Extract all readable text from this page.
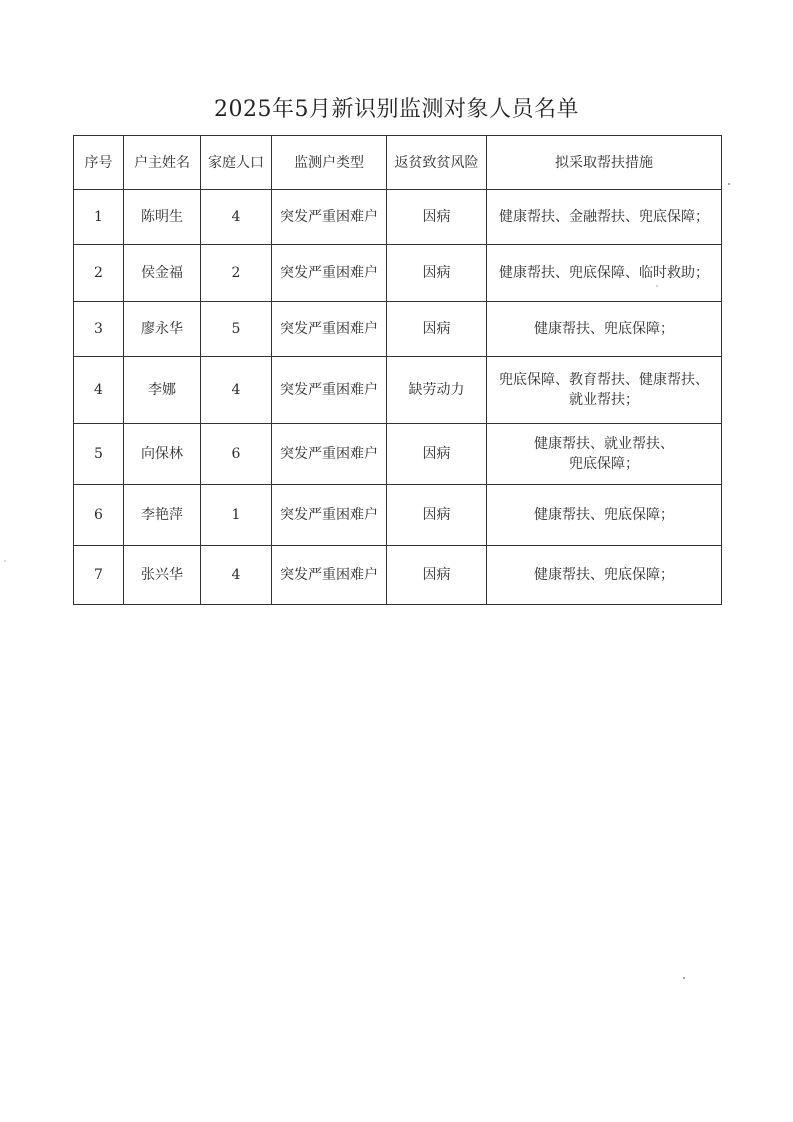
2025年5月新识别监测对象人员名单
序号	户主姓名	家庭人口	监测户类型	返贫致贫风险	拟采取帮扶措施
1	陈明生	4	突发严重困难户	因病	健康帮扶、金融帮扶、兜底保障；

2	侯金福	2	突发严重困难户	因病	健康帮扶、兜底保障、临时救助；

3	廖永华	5	突发严重困难户	因病	健康帮扶、兜底保障；

4	李娜	4	突发严重困难户	缺劳动力	兜底保障、教育帮扶、健康帮扶、
就业帮扶；

5	向保林	6	突发严重困难户	因病	健康帮扶、就业帮扶、
兜底保障；

6	李艳萍	1	突发严重困难户	因病	健康帮扶、兜底保障；

7	张兴华	4	突发严重困难户	因病	健康帮扶、兜底保障；
